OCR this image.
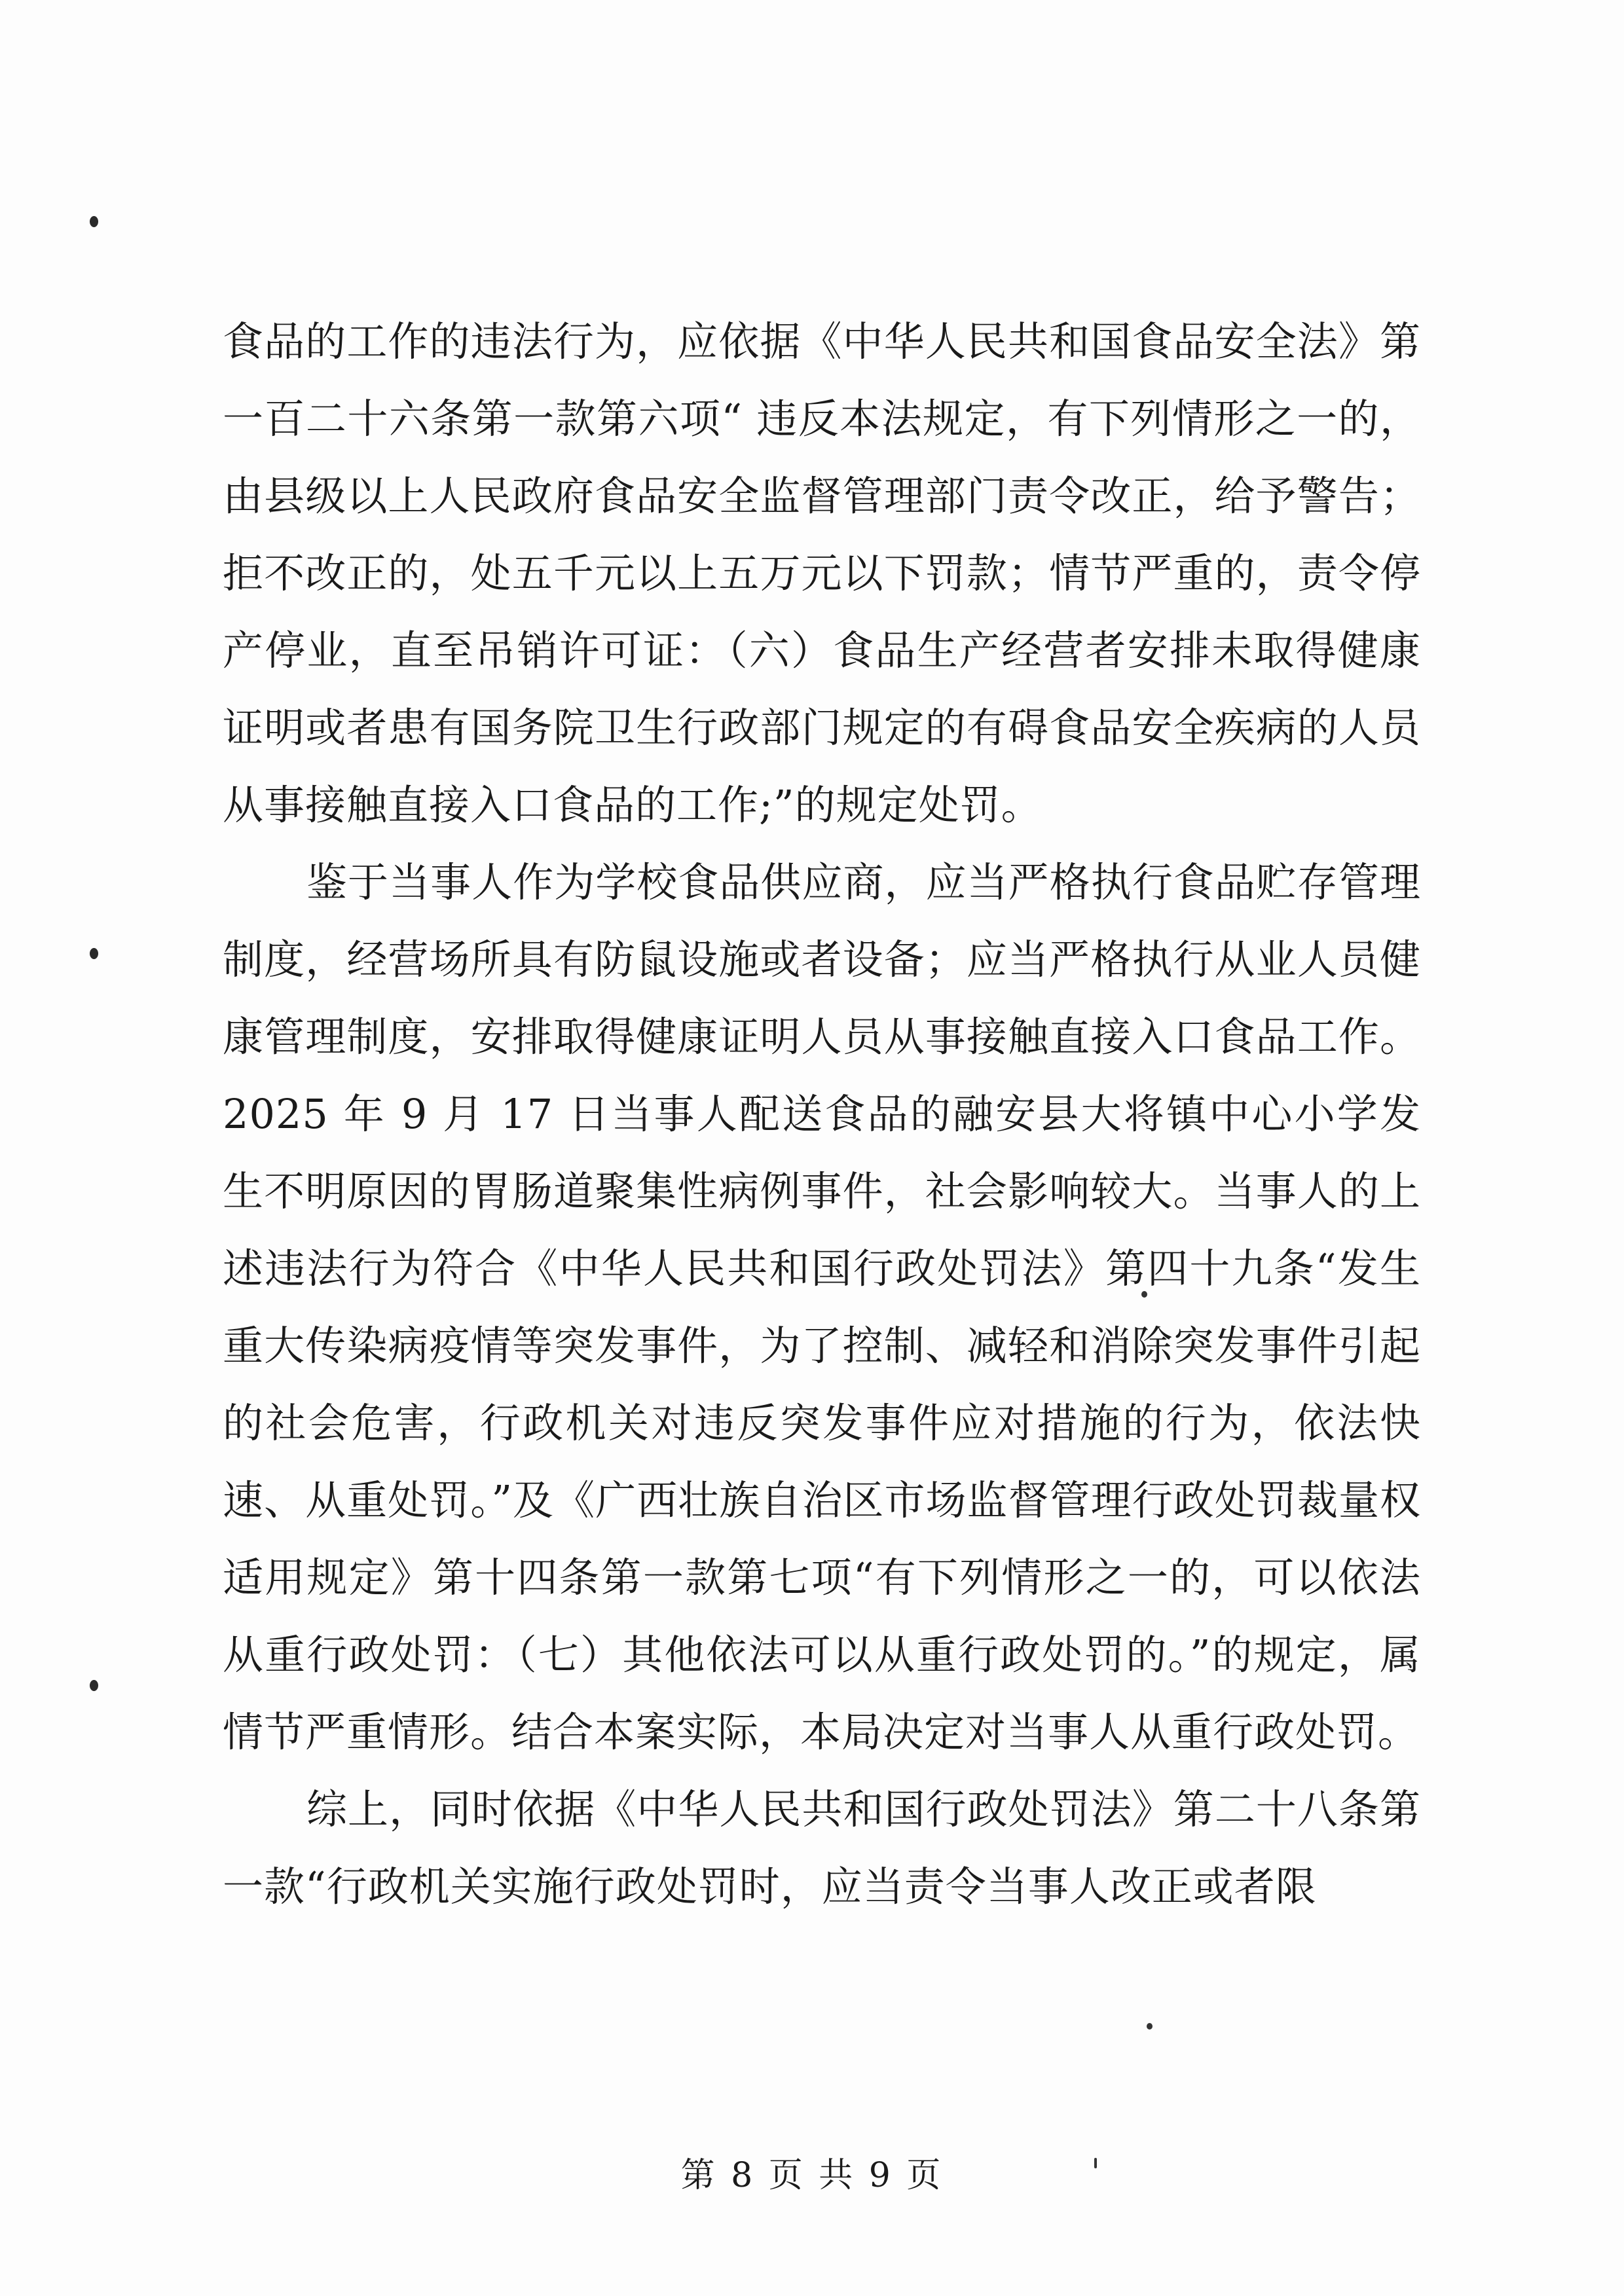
食品的工作的违法行为，应依据《中华人民共和国食品安全法》第一百二十六条第一款第六项“ 违反本法规定，有下列情形之一的，由县级以上人民政府食品安全监督管理部门责令改正，给予警告；拒不改正的，处五千元以上五万元以下罚款；情节严重的，责令停产停业，直至吊销许可证：（六）食品生产经营者安排未取得健康证明或者患有国务院卫生行政部门规定的有碍食品安全疾病的人员从事接触直接入口食品的工作;”的规定处罚。

鉴于当事人作为学校食品供应商，应当严格执行食品贮存管理制度，经营场所具有防鼠设施或者设备；应当严格执行从业人员健康管理制度，安排取得健康证明人员从事接触直接入口食品工作。2025 年 9 月 17 日当事人配送食品的融安县大将镇中心小学发生不明原因的胃肠道聚集性病例事件，社会影响较大。当事人的上述违法行为符合《中华人民共和国行政处罚法》第四十九条“发生重大传染病疫情等突发事件，为了控制、减轻和消除突发事件引起的社会危害，行政机关对违反突发事件应对措施的行为，依法快速、从重处罚。”及《广西壮族自治区市场监督管理行政处罚裁量权适用规定》第十四条第一款第七项“有下列情形之一的，可以依法从重行政处罚：（七）其他依法可以从重行政处罚的。”的规定，属情节严重情形。结合本案实际，本局决定对当事人从重行政处罚。

综上，同时依据《中华人民共和国行政处罚法》第二十八条第一款“行政机关实施行政处罚时，应当责令当事人改正或者限

第 8 页 共 9 页
